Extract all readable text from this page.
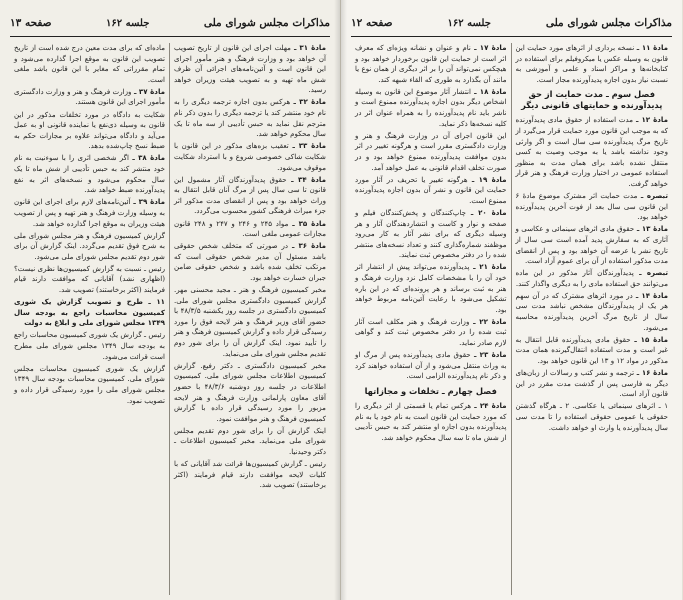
مذاکرات مجلس شورای ملی
جلسه ۱۶۲
صفحه ۱۳

مادهٔ ۳۱ ـ مهلت اجرای این قانون از تاریخ تصویب آن خواهد بود و وزارت فرهنگ و هنر مأمور اجرای این قانون است و آئین‌نامه‌های اجرائی آن ظرف شش ماه تهیه و به تصویب هیئت وزیران خواهد رسید.

مادهٔ ۳۲ ـ هرکس بدون اجازه ترجمه دیگری را به نام خود منتشر کند یا ترجمه دیگری را بدون ذکر نام مترجم نقل نماید به حبس تأدیبی از سه ماه تا یک سال محکوم خواهد شد.

مادهٔ ۳۳ ـ تعقیب بزه‌های مذکور در این قانون با شکایت شاکی خصوصی شروع و با استرداد شکایت موقوف می‌شود.

مادهٔ ۳۴ ـ حقوق پدیدآورندگان آثار مشمول این قانون تا سی سال پس از مرگ آنان قابل انتقال به وراث خواهد بود و پس از انقضای مدت مذکور اثر جزء میراث فرهنگی کشور محسوب می‌گردد.

مادهٔ ۳۵ ـ مواد ۲۴۵ و ۲۴۶ و ۲۴۷ و ۲۴۸ قانون مجازات عمومی ملغی است.

مادهٔ ۳۶ ـ در صورتی که متخلف شخص حقوقی باشد مسئول آن مدیر شخص حقوقی است که مرتکب تخلف شده باشد و شخص حقوقی ضامن جبران خسارت خواهد بود.

مخبر کمیسیون فرهنگ و هنر ـ مجید محسنی مهر. گزارش کمیسیون دادگستری مجلس شورای ملی. کمیسیون دادگستری در جلسه روز یکشنبه ۴۸/۳/۵ با حضور آقای وزیر فرهنگ و هنر لایحه فوق را مورد رسیدگی قرار داده و گزارش کمیسیون فرهنگ و هنر را تأیید نمود. اینک گزارش آن را برای شور دوم تقدیم مجلس شورای ملی می‌نماید.

مخبر کمیسیون دادگستری ـ دکتر رفیع. گزارش کمیسیون اطلاعات مجلس شورای ملی. کمیسیون اطلاعات در جلسه روز دوشنبه ۴۸/۳/۶ با حضور آقای معاون پارلمانی وزارت فرهنگ و هنر لایحه مزبور را مورد رسیدگی قرار داده با گزارش کمیسیون فرهنگ و هنر موافقت نمود.

اینک گزارش آن را برای شور دوم تقدیم مجلس شورای ملی می‌نماید. مخبر کمیسیون اطلاعات ـ دکتر وحیدنیا.

رئیس ـ گزارش کمیسیون‌ها قرائت شد آقایانی که با کلیات لایحه موافقت دارند قیام فرمایند (اکثر برخاستند) تصویب شد.

ماده‌ای که برای مدت معین درج شده است از تاریخ تصویب این قانون به موقع اجرا گذارده می‌شود و تمام مقرراتی که مغایر با این قانون باشد ملغی است.

مادهٔ ۳۷ ـ وزارت فرهنگ و هنر و وزارت دادگستری مأمور اجرای این قانون هستند.

شکایت به دادگاه در مورد تخلفات مذکور در این قانون به وسیله ذی‌نفع یا نماینده قانونی او به عمل می‌آید و دادگاه می‌تواند علاوه بر مجازات حکم به ضبط نسخ چاپ‌شده بدهد.

مادهٔ ۳۸ ـ اگر شخصی اثری را با سوءنیت به نام خود منتشر کند به حبس تأدیبی از شش ماه تا یک سال محکوم می‌شود و نسخه‌های اثر به نفع پدیدآورنده ضبط خواهد شد.

مادهٔ ۳۹ ـ آئین‌نامه‌های لازم برای اجرای این قانون به وسیله وزارت فرهنگ و هنر تهیه و پس از تصویب هیئت وزیران به موقع اجرا گذارده خواهد شد.

گزارش کمیسیون فرهنگ و هنر مجلس شورای ملی به شرح فوق تقدیم می‌گردد. اینک گزارش آن برای شور دوم تقدیم مجلس شورای ملی می‌شود.

رئیس ـ نسبت به گزارش کمیسیون‌ها نظری نیست؟ (اظهاری نشد) آقایانی که موافقت دارند قیام فرمایند (اکثر برخاستند) تصویب شد.

۱۱ ـ طرح و تصویب گزارش یک شوری کمیسیون محاسبات راجع به بودجه سال ۱۳۴۹ مجلس شورای ملی و ابلاغ به دولت

رئیس ـ گزارش یک شوری کمیسیون محاسبات راجع به بودجه سال ۱۳۴۹ مجلس شورای ملی مطرح است قرائت می‌شود.

گزارش یک شوری کمیسیون محاسبات مجلس شورای ملی. کمیسیون محاسبات بودجه سال ۱۳۴۹ مجلس شورای ملی را مورد رسیدگی قرار داده و تصویب نمود.

مذاکرات مجلس شورای ملی
جلسه ۱۶۲
صفحه ۱۲

مادهٔ ۱۱ ـ نسخه برداری از اثرهای مورد حمایت این قانون به وسیله عکس یا میکروفیلم برای استفاده در کتابخانه‌ها و مراکز اسناد و علمی و آموزشی به نسبت نیاز بدون اجازه پدیدآورنده مجاز است.

فصل سوم ـ مدت حمایت از حق پدیدآورنده و حمایتهای قانونی دیگر

مادهٔ ۱۲ ـ مدت استفاده از حقوق مادی پدیدآورنده که به موجب این قانون مورد حمایت قرار می‌گیرد از تاریخ مرگ پدیدآورنده سی سال است و اگر وارثی وجود نداشته باشد یا به موجب وصیت به کسی منتقل نشده باشد برای همان مدت به منظور استفاده عمومی در اختیار وزارت فرهنگ و هنر قرار خواهد گرفت.

تبصره ـ مدت حمایت اثر مشترک موضوع مادهٔ ۶ این قانون سی سال بعد از فوت آخرین پدیدآورنده خواهد بود.

مادهٔ ۱۳ ـ حقوق مادی اثرهای سینمائی و عکاسی و آثاری که به سفارش پدید آمده است سی سال از تاریخ نشر یا عرضه آن خواهد بود و پس از انقضای مدت مذکور استفاده از آن برای عموم آزاد است.

تبصره ـ پدیدآورندگان آثار مذکور در این ماده می‌توانند حق استفاده مادی را به دیگری واگذار کنند.

مادهٔ ۱۴ ـ در مورد اثرهای مشترک که در آن سهم هر یک از پدیدآورندگان مشخص نباشد مدت سی سال از تاریخ مرگ آخرین پدیدآورنده محاسبه می‌شود.

مادهٔ ۱۵ ـ حقوق مادی پدیدآورنده قابل انتقال به غیر است و مدت استفاده انتقال‌گیرنده همان مدت مذکور در مواد ۱۲ و ۱۳ این قانون خواهد بود.

مادهٔ ۱۶ ـ ترجمه و نشر کتب و رسالات از زبان‌های دیگر به فارسی پس از گذشت مدت مقرر در این قانون آزاد است.

۱ ـ اثرهای سینمائی یا عکاسی. ۲ ـ هرگاه گذشتن حقوقی یا عمومی حقوقی استفاده را تا مدت سی سال پدیدآورنده یا وارث او خواهد داشت.

مادهٔ ۱۷ ـ نام و عنوان و نشانه ویژه‌ای که معرف اثر است از حمایت این قانون برخوردار خواهد بود و هیچکس نمی‌تواند آن را بر اثر دیگری از همان نوع یا مانند آن بگذارد به طوری که القاء شبهه کند.

مادهٔ ۱۸ ـ انتشار آثار موضوع این قانون به وسیله اشخاص دیگر بدون اجازه پدیدآورنده ممنوع است و ناشر باید نام پدیدآورنده را به همراه عنوان اثر در کلیه نسخه‌ها ذکر نماید.

این قانون اجرای آن در وزارت فرهنگ و هنر و وزارت دادگستری مقرر است و هرگونه تغییر در اثر بدون موافقت پدیدآورنده ممنوع خواهد بود و در صورت تخلف اقدام قانونی به عمل خواهد آمد.

مادهٔ ۱۹ ـ هرگونه تغییر یا تحریف در آثار مورد حمایت این قانون و نشر آن بدون اجازه پدیدآورنده ممنوع است.

مادهٔ ۲۰ ـ چاپ‌کنندگان و پخش‌کنندگان فیلم و صفحه و نوار و کاست و انتشاردهندگان آثار و هر وسیله دیگری که برای نشر آثار به کار می‌رود موظفند شماره‌گذاری کنند و تعداد نسخه‌های منتشر شده را در دفتر مخصوص ثبت نمایند.

مادهٔ ۲۱ ـ پدیدآورنده می‌تواند پیش از انتشار اثر خود آن را با مشخصات کامل نزد وزارت فرهنگ و هنر به ثبت برساند و هر پرونده‌ای که در این باره تشکیل می‌شود با رعایت آئین‌نامه مربوط خواهد بود.

مادهٔ ۲۲ ـ وزارت فرهنگ و هنر مکلف است آثار ثبت شده را در دفتر مخصوص ثبت کند و گواهی لازم صادر نماید.

مادهٔ ۲۳ ـ حقوق مادی پدیدآورنده پس از مرگ او به وراث منتقل می‌شود و از آن استفاده خواهند کرد و ذکر نام پدیدآورنده الزامی است.

فصل چهارم ـ تخلفات و مجازاتها

مادهٔ ۲۴ ـ هرکس تمام یا قسمتی از اثر دیگری را که مورد حمایت این قانون است به نام خود یا به نام پدیدآورنده بدون اجازه او منتشر کند به حبس تأدیبی از شش ماه تا سه سال محکوم خواهد شد.
